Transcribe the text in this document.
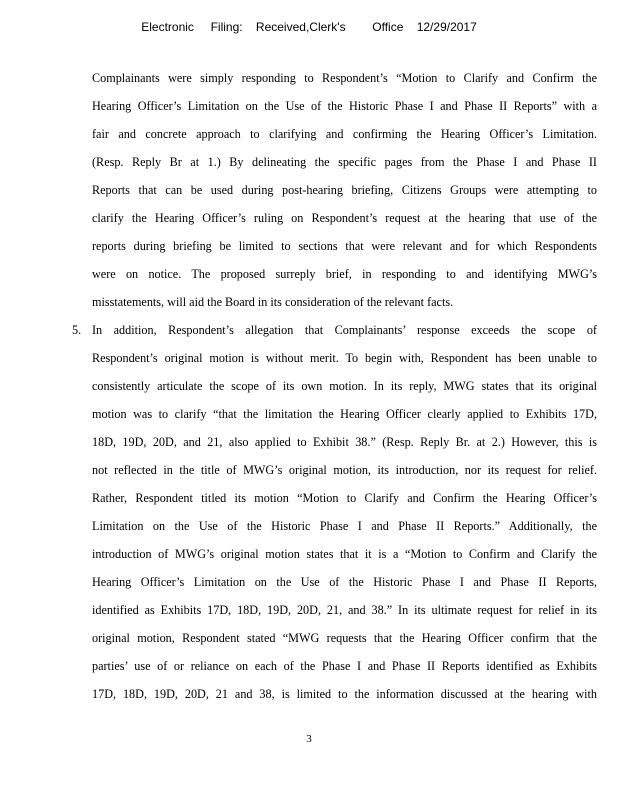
Electronic     Filing:    Received,Clerk's        Office    12/29/2017
Complainants were simply responding to Respondent’s “Motion to Clarify and Confirm the
Hearing Officer’s Limitation on the Use of the Historic Phase I and Phase II Reports” with a
fair and concrete approach to clarifying and confirming the Hearing Officer’s Limitation.
(Resp. Reply Br at 1.) By delineating the specific pages from the Phase I and Phase II
Reports that can be used during post-hearing briefing, Citizens Groups were attempting to
clarify the Hearing Officer’s ruling on Respondent’s request at the hearing that use of the
reports during briefing be limited to sections that were relevant and for which Respondents
were on notice. The proposed surreply brief, in responding to and identifying MWG’s
misstatements, will aid the Board in its consideration of the relevant facts.
5. In addition, Respondent’s allegation that Complainants’ response exceeds the scope of
Respondent’s original motion is without merit. To begin with, Respondent has been unable to
consistently articulate the scope of its own motion. In its reply, MWG states that its original
motion was to clarify “that the limitation the Hearing Officer clearly applied to Exhibits 17D,
18D, 19D, 20D, and 21, also applied to Exhibit 38.” (Resp. Reply Br. at 2.) However, this is
not reflected in the title of MWG’s original motion, its introduction, nor its request for relief.
Rather, Respondent titled its motion “Motion to Clarify and Confirm the Hearing Officer’s
Limitation on the Use of the Historic Phase I and Phase II Reports.” Additionally, the
introduction of MWG’s original motion states that it is a “Motion to Confirm and Clarify the
Hearing Officer’s Limitation on the Use of the Historic Phase I and Phase II Reports,
identified as Exhibits 17D, 18D, 19D, 20D, 21, and 38.” In its ultimate request for relief in its
original motion, Respondent stated “MWG requests that the Hearing Officer confirm that the
parties’ use of or reliance on each of the Phase I and Phase II Reports identified as Exhibits
17D, 18D, 19D, 20D, 21 and 38, is limited to the information discussed at the hearing with
3
